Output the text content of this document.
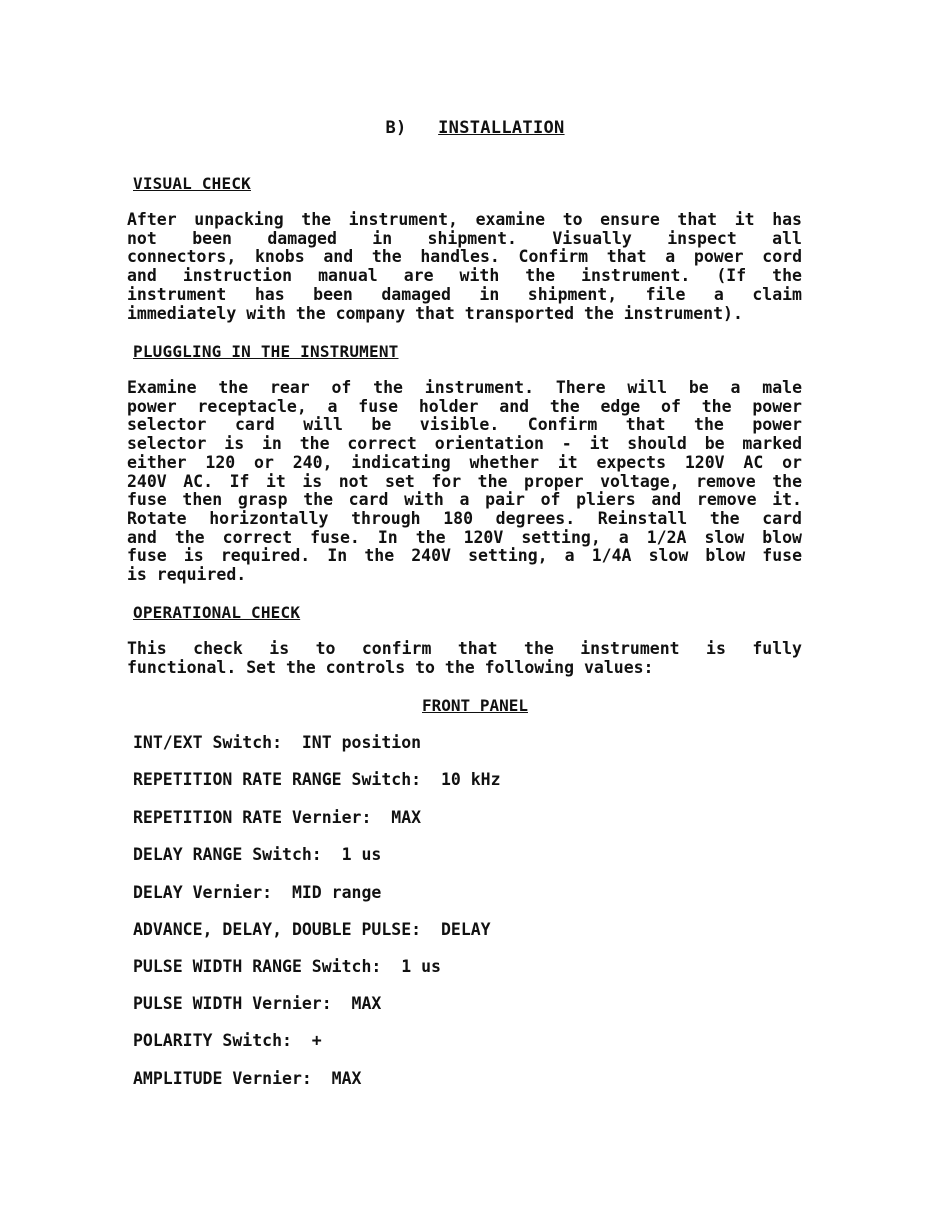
B) INSTALLATION
VISUAL CHECK
After unpacking the instrument, examine to ensure that it has
not been damaged in shipment. Visually inspect all
connectors, knobs and the handles. Confirm that a power cord
and instruction manual are with the instrument. (If the
instrument has been damaged in shipment, file a claim
immediately with the company that transported the instrument).
PLUGGLING IN THE INSTRUMENT
Examine the rear of the instrument. There will be a male
power receptacle, a fuse holder and the edge of the power
selector card will be visible. Confirm that the power
selector is in the correct orientation - it should be marked
either 120 or 240, indicating whether it expects 120V AC or
240V AC. If it is not set for the proper voltage, remove the
fuse then grasp the card with a pair of pliers and remove it.
Rotate horizontally through 180 degrees. Reinstall the card
and the correct fuse. In the 120V setting, a 1/2A slow blow
fuse is required. In the 240V setting, a 1/4A slow blow fuse
is required.
OPERATIONAL CHECK
This check is to confirm that the instrument is fully
functional. Set the controls to the following values:
FRONT PANEL
INT/EXT Switch:  INT position
REPETITION RATE RANGE Switch:  10 kHz
REPETITION RATE Vernier:  MAX
DELAY RANGE Switch:  1 us
DELAY Vernier:  MID range
ADVANCE, DELAY, DOUBLE PULSE:  DELAY
PULSE WIDTH RANGE Switch:  1 us
PULSE WIDTH Vernier:  MAX
POLARITY Switch:  +
AMPLITUDE Vernier:  MAX
